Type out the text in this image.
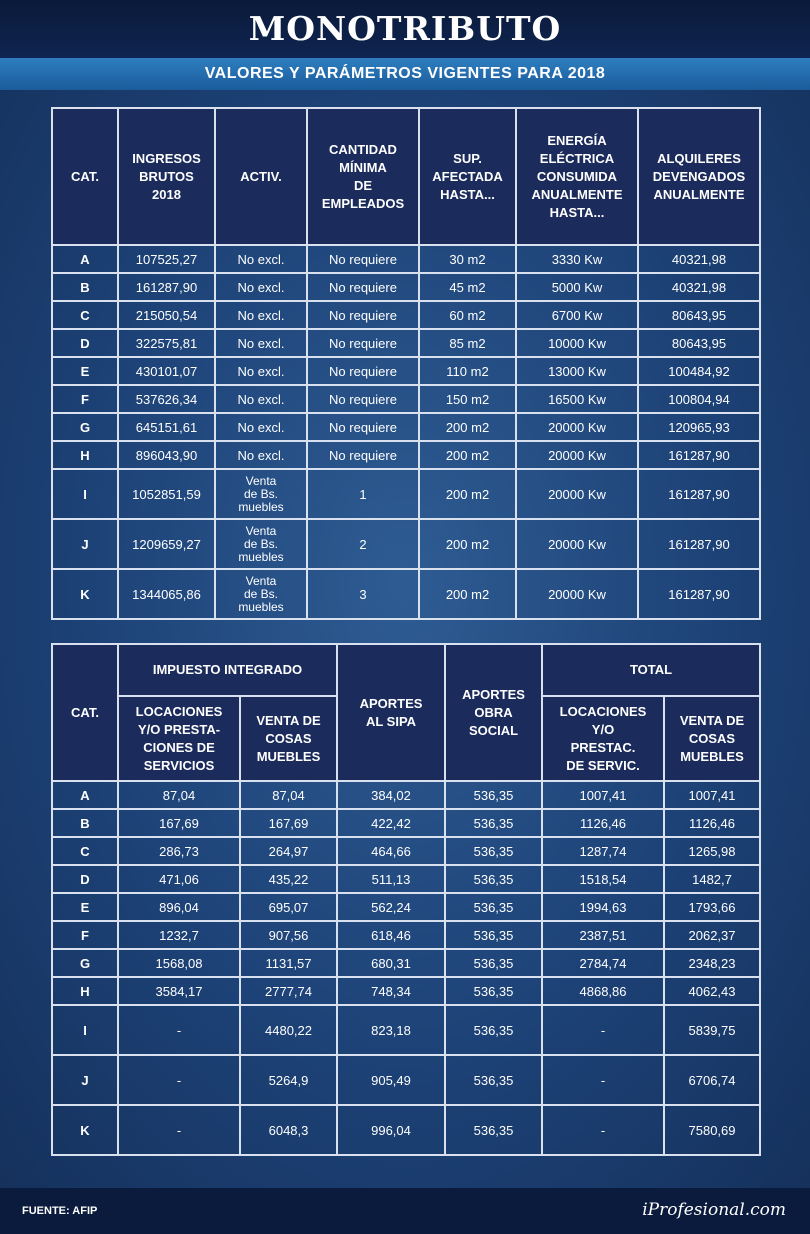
MONOTRIBUTO
VALORES Y PARÁMETROS VIGENTES PARA 2018
CAT.	INGRESOS
BRUTOS
2018	ACTIV.	CANTIDAD
MÍNIMA
DE
EMPLEADOS	SUP.
AFECTADA
HASTA...	ENERGÍA
ELÉCTRICA
CONSUMIDA
ANUALMENTE
HASTA...	ALQUILERES
DEVENGADOS
ANUALMENTE
A	107525,27	No excl.	No requiere	30 m2	3330 Kw	40321,98
B	161287,90	No excl.	No requiere	45 m2	5000 Kw	40321,98
C	215050,54	No excl.	No requiere	60 m2	6700 Kw	80643,95
D	322575,81	No excl.	No requiere	85 m2	10000 Kw	80643,95
E	430101,07	No excl.	No requiere	110 m2	13000 Kw	100484,92
F	537626,34	No excl.	No requiere	150 m2	16500 Kw	100804,94
G	645151,61	No excl.	No requiere	200 m2	20000 Kw	120965,93
H	896043,90	No excl.	No requiere	200 m2	20000 Kw	161287,90
I	1052851,59	Venta
de Bs.
muebles	1	200 m2	20000 Kw	161287,90
J	1209659,27	Venta
de Bs.
muebles	2	200 m2	20000 Kw	161287,90
K	1344065,86	Venta
de Bs.
muebles	3	200 m2	20000 Kw	161287,90
CAT.	IMPUESTO INTEGRADO		APORTES
AL SIPA	APORTES
OBRA
SOCIAL	TOTAL	
	LOCACIONES
Y/O PRESTA-
CIONES DE
SERVICIOS	VENTA DE
COSAS
MUEBLES			LOCACIONES
Y/O
PRESTAC.
DE SERVIC.	VENTA DE
COSAS
MUEBLES
A	87,04	87,04	384,02	536,35	1007,41	1007,41
B	167,69	167,69	422,42	536,35	1126,46	1126,46
C	286,73	264,97	464,66	536,35	1287,74	1265,98
D	471,06	435,22	511,13	536,35	1518,54	1482,7
E	896,04	695,07	562,24	536,35	1994,63	1793,66
F	1232,7	907,56	618,46	536,35	2387,51	2062,37
G	1568,08	1131,57	680,31	536,35	2784,74	2348,23
H	3584,17	2777,74	748,34	536,35	4868,86	4062,43
I	-	4480,22	823,18	536,35	-	5839,75
J	-	5264,9	905,49	536,35	-	6706,74
K	-	6048,3	996,04	536,35	-	7580,69
FUENTE: AFIP	iProfesional.com
